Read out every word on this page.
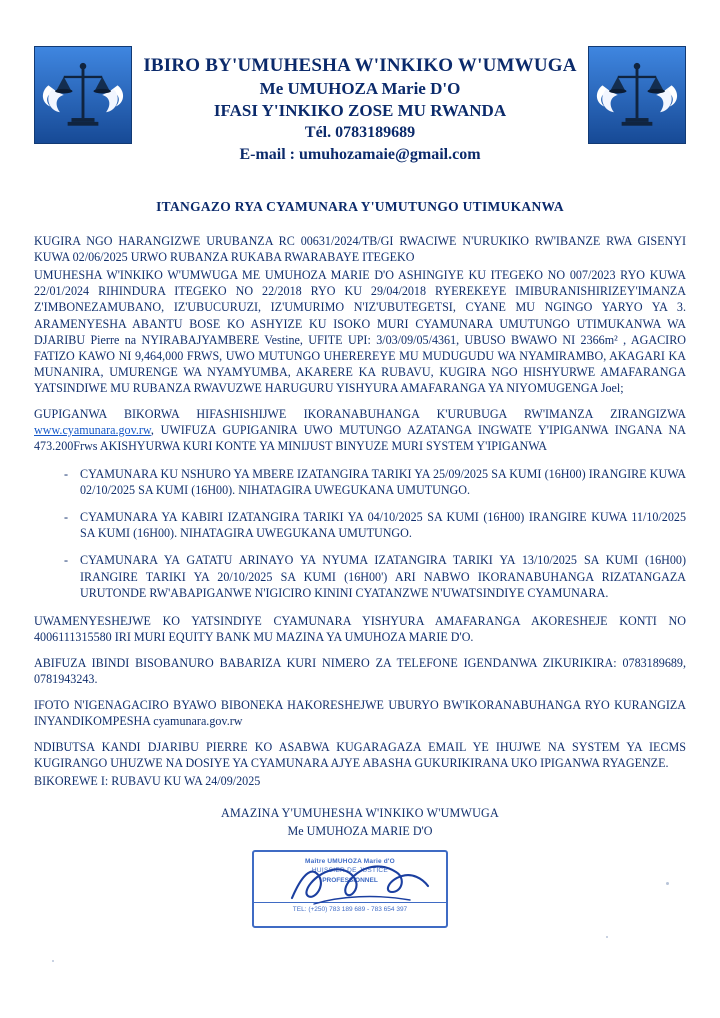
IBIRO BY'UMUHESHA W'INKIKO W'UMWUGA
Me UMUHOZA Marie D'O
IFASI Y'INKIKO ZOSE MU RWANDA
Tél. 0783189689
E-mail : umuhozamaie@gmail.com
ITANGAZO RYA CYAMUNARA Y'UMUTUNGO UTIMUKANWA

KUGIRA NGO HARANGIZWE URUBANZA RC 00631/2024/TB/GI RWACIWE N'URUKIKO RW'IBANZE RWA GISENYI KUWA 02/06/2025 URWO RUBANZA RUKABA RWARABAYE ITEGEKO

UMUHESHA W'INKIKO W'UMWUGA ME UMUHOZA MARIE D'O ASHINGIYE KU ITEGEKO NO 007/2023 RYO KUWA 22/01/2024 RIHINDURA ITEGEKO NO 22/2018 RYO KU 29/04/2018 RYEREKEYE IMIBURANISHIRIZEY'IMANZA Z'IMBONEZAMUBANO, IZ'UBUCURUZI, IZ'UMURIMO N'IZ'UBUTEGETSI, CYANE MU NGINGO YARYO YA 3. ARAMENYESHA ABANTU BOSE KO ASHYIZE KU ISOKO MURI CYAMUNARA UMUTUNGO UTIMUKANWA WA DJARIBU Pierre na NYIRABAJYAMBERE Vestine, UFITE UPI: 3/03/09/05/4361, UBUSO BWAWO NI 2366m² , AGACIRO FATIZO KAWO NI 9,464,000 FRWS, UWO MUTUNGO UHEREREYE MU MUDUGUDU WA NYAMIRAMBO, AKAGARI KA MUNANIRA, UMURENGE WA NYAMYUMBA, AKARERE KA RUBAVU, KUGIRA NGO HISHYURWE AMAFARANGA YATSINDIWE MU RUBANZA RWAVUZWE HARUGURU YISHYURA AMAFARANGA YA NIYOMUGENGA Joel;

GUPIGANWA BIKORWA HIFASHISHIJWE IKORANABUHANGA K'URUBUGA RW'IMANZA ZIRANGIZWA www.cyamunara.gov.rw, UWIFUZA GUPIGANIRA UWO MUTUNGO AZATANGA INGWATE Y'IPIGANWA INGANA NA 473.200Frws AKISHYURWA KURI KONTE YA MINIJUST BINYUZE MURI SYSTEM Y'IPIGANWA

- CYAMUNARA KU NSHURO YA MBERE IZATANGIRA TARIKI YA 25/09/2025 SA KUMI (16H00) IRANGIRE KUWA 02/10/2025 SA KUMI (16H00). NIHATAGIRA UWEGUKANA UMUTUNGO.
- CYAMUNARA YA KABIRI IZATANGIRA TARIKI YA 04/10/2025 SA KUMI (16H00) IRANGIRE KUWA 11/10/2025 SA KUMI (16H00). NIHATAGIRA UWEGUKANA UMUTUNGO.
- CYAMUNARA YA GATATU ARINAYO YA NYUMA IZATANGIRA TARIKI YA 13/10/2025 SA KUMI (16H00) IRANGIRE TARIKI YA 20/10/2025 SA KUMI (16H00') ARI NABWO IKORANABUHANGA RIZATANGAZA URUTONDE RW'ABAPIGANWE N'IGICIRO KININI CYATANZWE N'UWATSINDIYE CYAMUNARA.

UWAMENYESHEJWE KO YATSINDIYE CYAMUNARA YISHYURA AMAFARANGA AKORESHEJE KONTI NO 4006111315580 IRI MURI EQUITY BANK MU MAZINA YA UMUHOZA MARIE D'O.

ABIFUZA IBINDI BISOBANURO BABARIZA KURI NIMERO ZA TELEFONE IGENDANWA ZIKURIKIRA: 0783189689, 0781943243.

IFOTO N'IGENAGACIRO BYAWO BIBONEKA HAKORESHEJWE UBURYO BW'IKORANABUHANGA RYO KURANGIZA INYANDIKOMPESHA cyamunara.gov.rw

NDIBUTSA KANDI DJARIBU PIERRE KO ASABWA KUGARAGAZA EMAIL YE IHUJWE NA SYSTEM YA IECMS KUGIRANGO UHUZWE NA DOSIYE YA CYAMUNARA AJYE ABASHA GUKURIKIRANA UKO IPIGANWA RYAGENZE.

BIKOREWE I: RUBAVU KU WA 24/09/2025

AMAZINA Y'UMUHESHA W'INKIKO W'UMWUGA
Me UMUHOZA MARIE D'O
Maître UMUHOZA Marie d'O
HUISSIER DE JUSTICE
PROFESSIONNEL
TEL: (+250) 783 189 689 - 783 654 397
